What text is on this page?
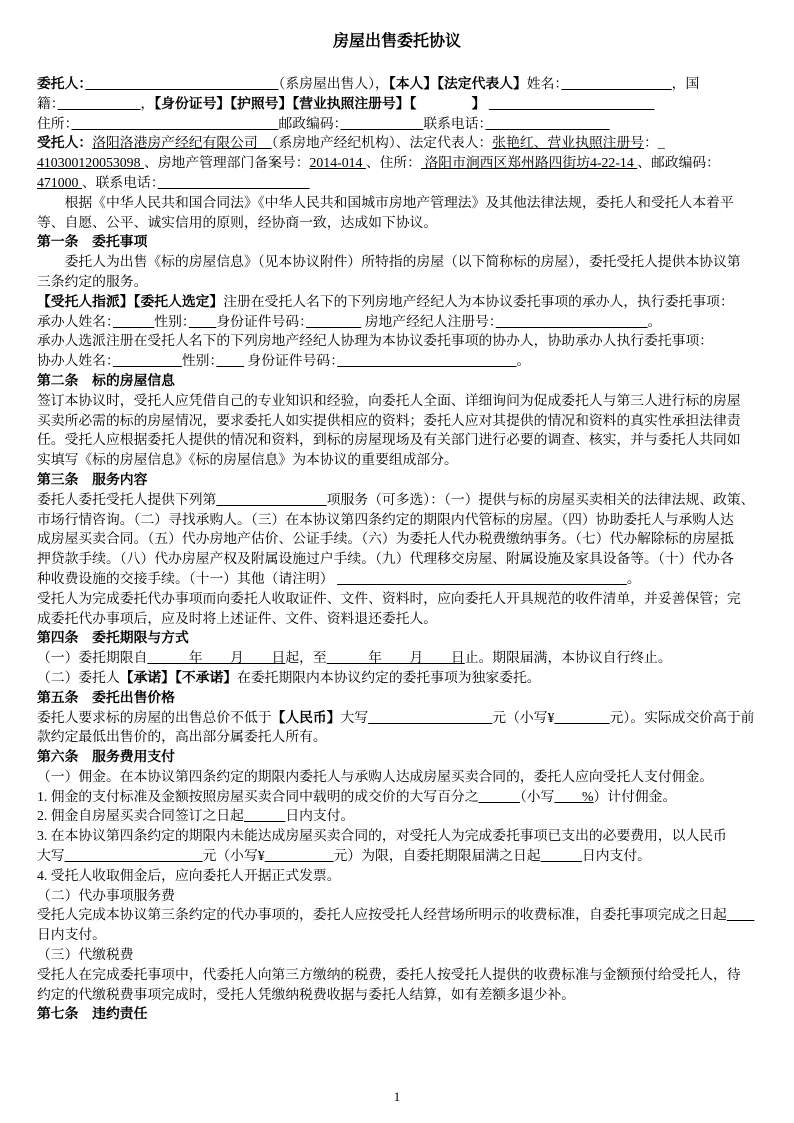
房屋出售委托协议
委托人：　　　　　　　　　　　　　　	（系房屋出售人），【本人】【法定代表人】姓名：　　　　　　　　	，国
籍：　　　　　　	，【身份证号】【护照号】【营业执照注册号】【　　　　】 　　　　　　　　　　　　
住所：　　　　　　　　　　　　　　　	邮政编码：　　　　　　	联系电话：　　　　　　　　　
受托人：洛阳洛港房产经纪有限公司　（系房地产经纪机构）、法定代表人：张艳红、营业执照注册号：_
410300120053098 、房地产管理部门备案号：2014-014 、住所： 洛阳市涧西区郑州路四街坊4-22-14 、邮政编码：
471000 、联系电话：　　　　　　　　　　　
根据《中华人民共和国合同法》《中华人民共和国城市房地产管理法》及其他法律法规，委托人和受托人本着平
等、自愿、公平、诚实信用的原则，经协商一致，达成如下协议。
第一条　委托事项
委托人为出售《标的房屋信息》（见本协议附件）所特指的房屋（以下简称标的房屋），委托受托人提供本协议第
三条约定的服务。
【受托人指派】【委托人选定】注册在受托人名下的下列房地产经纪人为本协议委托事项的承办人，执行委托事项：
承办人姓名：　　　	性别：　　 身份证件号码：　　　　	房地产经纪人注册号：　　　　　　　　　　　	。
承办人选派注册在受托人名下的下列房地产经纪人协理为本协议委托事项的协办人，协助承办人执行委托事项：
协办人姓名：　　　　　	性别：　　 身份证件号码：　　　　　　　　　　　　　	。
第二条　标的房屋信息
签订本协议时，受托人应凭借自己的专业知识和经验，向委托人全面、详细询问为促成委托人与第三人进行标的房屋
买卖所必需的标的房屋情况，要求委托人如实提供相应的资料；委托人应对其提供的情况和资料的真实性承担法律责
任。受托人应根据委托人提供的情况和资料，到标的房屋现场及有关部门进行必要的调查、核实，并与委托人共同如
实填写《标的房屋信息》《标的房屋信息》为本协议的重要组成部分。
第三条　服务内容
委托人委托受托人提供下列第　　　　　　　　	项服务（可多选）：（一）提供与标的房屋买卖相关的法律法规、政策、
市场行情咨询。（二）寻找承购人。（三）在本协议第四条约定的期限内代管标的房屋。（四）协助委托人与承购人达
成房屋买卖合同。（五）代办房地产估价、公证手续。（六）为委托人代办税费缴纳事务。（七）代办解除标的房屋抵
押贷款手续。（八）代办房屋产权及附属设施过户手续。（九）代理移交房屋、附属设施及家具设备等。（十）代办各
种收费设施的交接手续。（十一）其他（请注明） 　　　　　　　　　　　　　　　　　　　　　	。
受托人为完成委托代办事项而向委托人收取证件、文件、资料时，应向委托人开具规范的收件清单，并妥善保管；完
成委托代办事项后，应及时将上述证件、文件、资料退还委托人。
第四条　委托期限与方式
（一）委托期限自　　　年　　月　　日起，至　　　年　　月　　日止。期限届满，本协议自行终止。
（二）委托人【承诺】【不承诺】在委托期限内本协议约定的委托事项为独家委托。
第五条　委托出售价格
委托人要求标的房屋的出售总价不低于【人民币】大写　　　　　　　　　	元（小写¥　　　　	元）。实际成交价高于前
款约定最低出售价的，高出部分属委托人所有。
第六条　服务费用支付
（一）佣金。在本协议第四条约定的期限内委托人与承购人达成房屋买卖合同的，委托人应向受托人支付佣金。
1. 佣金的支付标准及金额按照房屋买卖合同中载明的成交价的大写百分之　　　	（小写　　%）计付佣金。
2. 佣金自房屋买卖合同签订之日起　　　	日内支付。
3. 在本协议第四条约定的期限内未能达成房屋买卖合同的，对受托人为完成委托事项已支出的必要费用，以人民币
大写　　　　　　　　　　	元（小写¥　　　　　	元）为限，自委托期限届满之日起　　　	日内支付。
4. 受托人收取佣金后，应向委托人开据正式发票。
（二）代办事项服务费
受托人完成本协议第三条约定的代办事项的，委托人应按受托人经营场所明示的收费标准，自委托事项完成之日起　　
日内支付。
（三）代缴税费
受托人在完成委托事项中，代委托人向第三方缴纳的税费，委托人按受托人提供的收费标准与金额预付给受托人，待
约定的代缴税费事项完成时，受托人凭缴纳税费收据与委托人结算，如有差额多退少补。
第七条　违约责任
1
